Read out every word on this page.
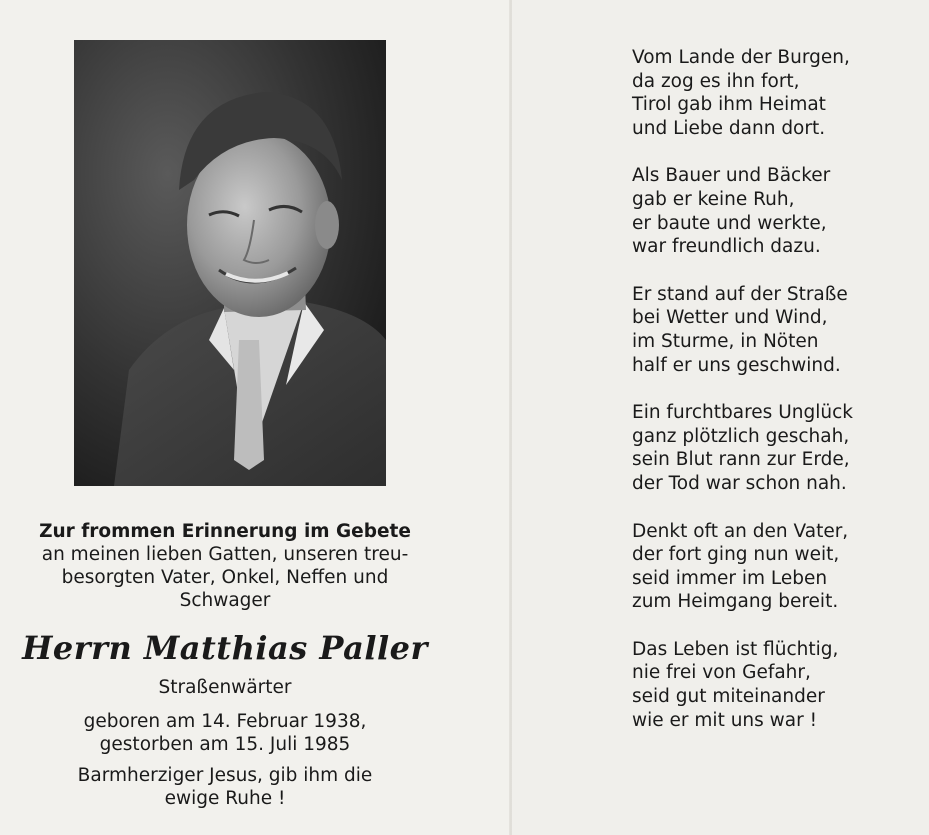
Zur frommen Erinnerung im Gebete

an meinen lieben Gatten, unseren treu-

besorgten Vater, Onkel, Neffen und

Schwager

Herrn Matthias Paller
Straßenwärter

geboren am 14. Februar 1938,

gestorben am 15. Juli 1985

Barmherziger Jesus, gib ihm die

ewige Ruhe !

Vom Lande der Burgen,

da zog es ihn fort,

Tirol gab ihm Heimat

und Liebe dann dort.

Als Bauer und Bäcker

gab er keine Ruh,

er baute und werkte,

war freundlich dazu.

Er stand auf der Straße

bei Wetter und Wind,

im Sturme, in Nöten

half er uns geschwind.

Ein furchtbares Unglück

ganz plötzlich geschah,

sein Blut rann zur Erde,

der Tod war schon nah.

Denkt oft an den Vater,

der fort ging nun weit,

seid immer im Leben

zum Heimgang bereit.

Das Leben ist flüchtig,

nie frei von Gefahr,

seid gut miteinander

wie er mit uns war !
